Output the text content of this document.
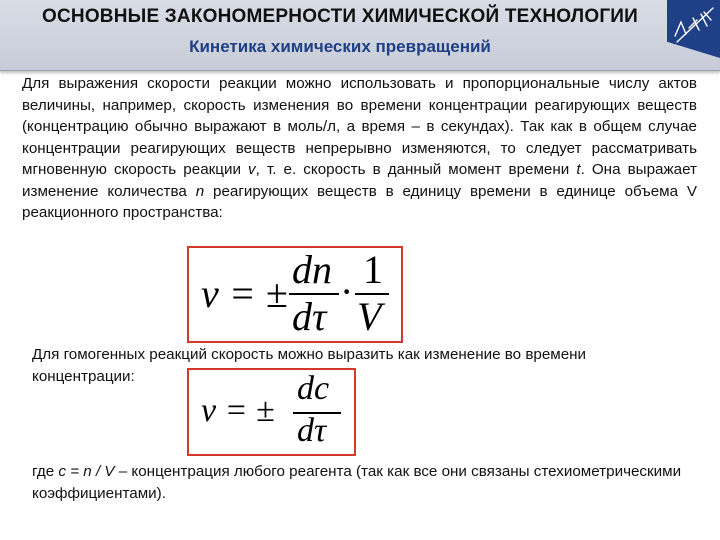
ОСНОВНЫЕ ЗАКОНОМЕРНОСТИ ХИМИЧЕСКОЙ ТЕХНОЛОГИИ
Кинетика химических превращений
Для выражения скорости реакции можно использовать и пропорциональные числу актов величины, например, скорость изменения во времени концентрации реагирующих веществ (концентрацию обычно выражают в моль/л, а время – в секундах). Так как в общем случае концентрации реагирующих веществ непрерывно изменяются, то следует рассматривать мгновенную скорость реакции v, т. е. скорость в данный момент времени t. Она выражает изменение количества n реагирующих веществ в единицу времени в единице объема V реакционного пространства:
ν = ±
dn
dτ
· 1
V
Для гомогенных реакций скорость можно выразить как изменение во времени концентрации:
ν = ±
dc
dτ
где c = n / V – концентрация любого реагента (так как все они связаны стехиометрическими коэффициентами).
